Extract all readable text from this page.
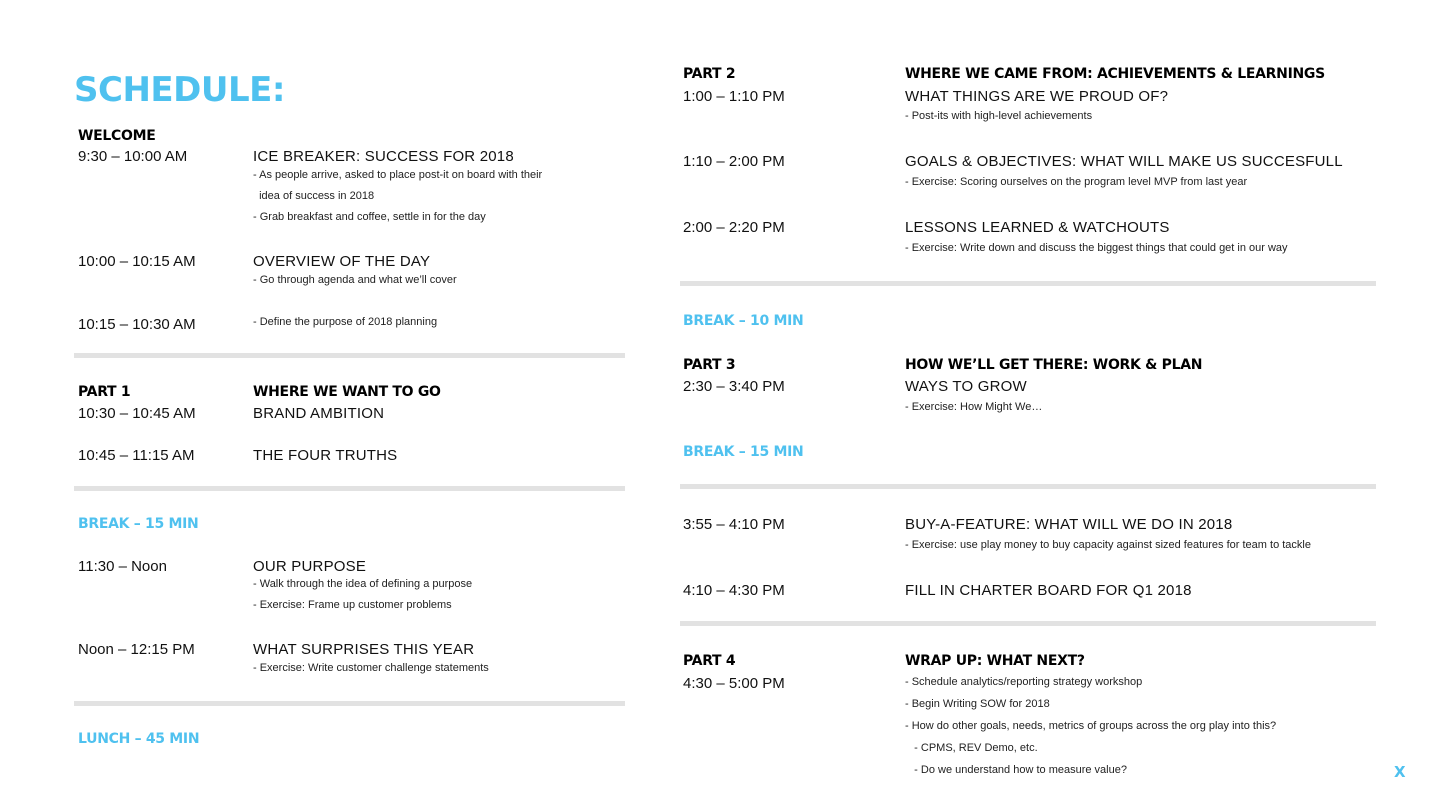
SCHEDULE:
WELCOME
9:30 – 10:00 AM	ICE BREAKER: SUCCESS FOR 2018
- As people arrive, asked to place post-it on board with their
idea of success in 2018
- Grab breakfast and coffee, settle in for the day
10:00 – 10:15 AM	OVERVIEW OF THE DAY
- Go through agenda and what we’ll cover
10:15 – 10:30 AM	- Define the purpose of 2018 planning
PART 1	WHERE WE WANT TO GO
10:30 – 10:45 AM	BRAND AMBITION
10:45 – 11:15 AM	THE FOUR TRUTHS
BREAK – 15 MIN
11:30 – Noon	OUR PURPOSE
- Walk through the idea of defining a purpose
- Exercise: Frame up customer problems
Noon – 12:15 PM	WHAT SURPRISES THIS YEAR
- Exercise: Write customer challenge statements
LUNCH – 45 MIN
PART 2	WHERE WE CAME FROM: ACHIEVEMENTS & LEARNINGS
1:00 – 1:10 PM	WHAT THINGS ARE WE PROUD OF?
- Post-its with high-level achievements
1:10 – 2:00 PM	GOALS & OBJECTIVES: WHAT WILL MAKE US SUCCESFULL
- Exercise: Scoring ourselves on the program level MVP from last year
2:00 – 2:20 PM	LESSONS LEARNED & WATCHOUTS
- Exercise: Write down and discuss the biggest things that could get in our way
BREAK – 10 MIN
PART 3	HOW WE’LL GET THERE: WORK & PLAN
2:30 – 3:40 PM	WAYS TO GROW
- Exercise: How Might We…
BREAK – 15 MIN
3:55 – 4:10 PM	BUY-A-FEATURE: WHAT WILL WE DO IN 2018
- Exercise: use play money to buy capacity against sized features for team to tackle
4:10 – 4:30 PM	FILL IN CHARTER BOARD FOR Q1 2018
PART 4	WRAP UP: WHAT NEXT?
4:30 – 5:00 PM	- Schedule analytics/reporting strategy workshop
- Begin Writing SOW for 2018
- How do other goals, needs, metrics of groups across the org play into this?
- CPMS, REV Demo, etc.
- Do we understand how to measure value?	X
